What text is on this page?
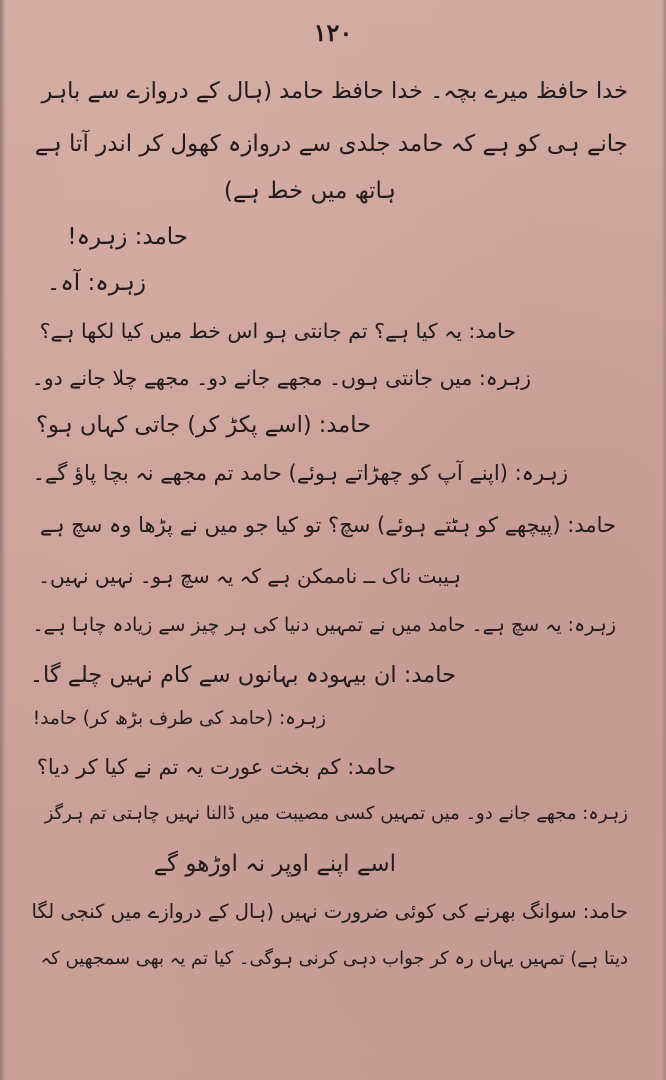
۱۲۰
خدا حافظ میرے بچہ۔ خدا حافظ حامد (ہال کے دروازے سے باہر
جانے ہی کو ہے کہ حامد جلدی سے دروازہ کھول کر اندر آتا ہے
ہاتھ میں خط ہے)
حامد: زہرہ!
زہرہ: آہ۔
حامد: یہ کیا ہے؟ تم جانتی ہو اس خط میں کیا لکھا ہے؟
زہرہ: میں جانتی ہوں۔ مجھے جانے دو۔ مجھے چلا جانے دو۔
حامد: (اسے پکڑ کر) جاتی کہاں ہو؟
زہرہ: (اپنے آپ کو چھڑاتے ہوئے) حامد تم مجھے نہ بچا پاؤ گے۔
حامد: (پیچھے کو ہٹتے ہوئے) سچ؟ تو کیا جو میں نے پڑھا وہ سچ ہے
ہیبت ناک ــ ناممکن ہے کہ یہ سچ ہو۔ نہیں نہیں۔
زہرہ: یہ سچ ہے۔ حامد میں نے تمہیں دنیا کی ہر چیز سے زیادہ چاہا ہے۔
حامد: ان بیہودہ بہانوں سے کام نہیں چلے گا۔
زہرہ: (حامد کی طرف بڑھ کر) حامد!
حامد: کم بخت عورت یہ تم نے کیا کر دیا؟
زہرہ: مجھے جانے دو۔ میں تمہیں کسی مصیبت میں ڈالنا نہیں چاہتی تم ہرگز
اسے اپنے اوپر نہ اوڑھو گے
حامد: سوانگ بھرنے کی کوئی ضرورت نہیں (ہال کے دروازے میں کنجی لگا
دیتا ہے) تمہیں یہاں رہ کر جواب دہی کرنی ہوگی۔ کیا تم یہ بھی سمجھیں کہ
